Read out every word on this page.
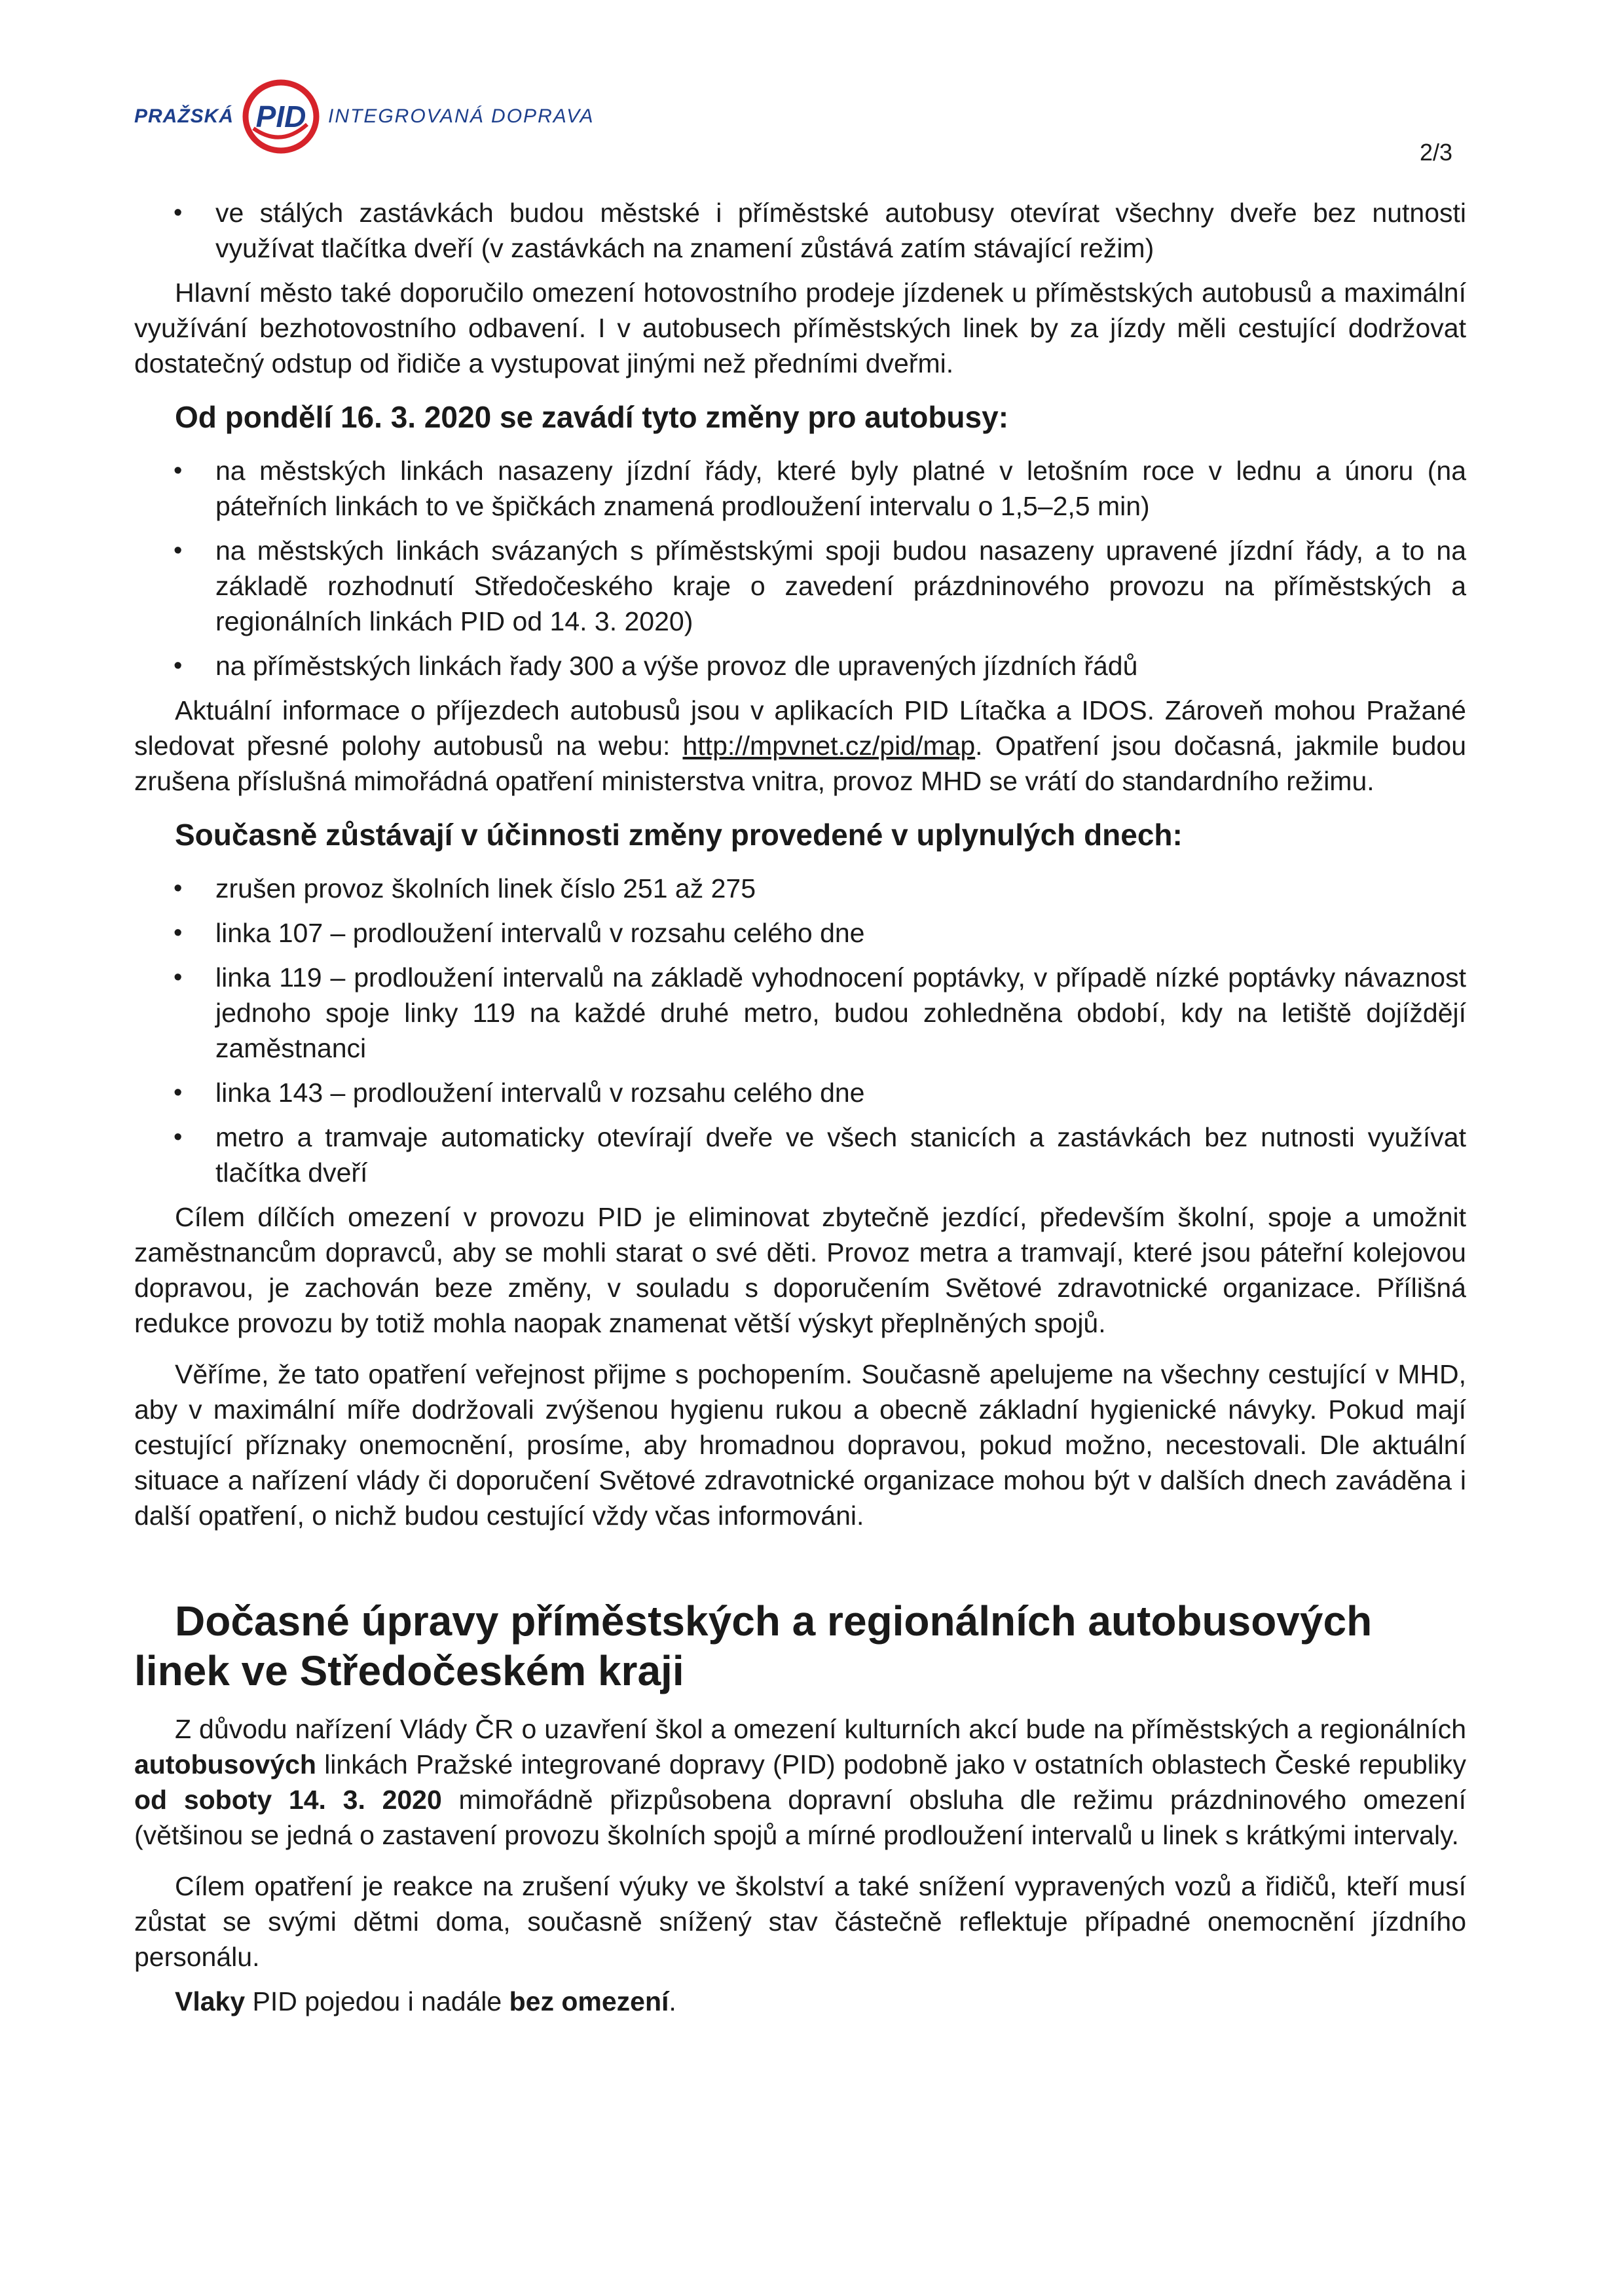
PRAŽSKÁ PID INTEGROVANÁ DOPRAVA
2/3
• ve stálých zastávkách budou městské i příměstské autobusy otevírat všechny dveře bez nutnosti využívat tlačítka dveří (v zastávkách na znamení zůstává zatím stávající režim)

Hlavní město také doporučilo omezení hotovostního prodeje jízdenek u příměstských autobusů a maximální využívání bezhotovostního odbavení. I v autobusech příměstských linek by za jízdy měli cestující dodržovat dostatečný odstup od řidiče a vystupovat jinými než předními dveřmi.

Od pondělí 16. 3. 2020 se zavádí tyto změny pro autobusy:
• na městských linkách nasazeny jízdní řády, které byly platné v letošním roce v lednu a únoru (na páteřních linkách to ve špičkách znamená prodloužení intervalu o 1,5–2,5 min)
• na městských linkách svázaných s příměstskými spoji budou nasazeny upravené jízdní řády, a to na základě rozhodnutí Středočeského kraje o zavedení prázdninového provozu na příměstských a regionálních linkách PID od 14. 3. 2020)
• na příměstských linkách řady 300 a výše provoz dle upravených jízdních řádů

Aktuální informace o příjezdech autobusů jsou v aplikacích PID Lítačka a IDOS. Zároveň mohou Pražané sledovat přesné polohy autobusů na webu: http://mpvnet.cz/pid/map. Opatření jsou dočasná, jakmile budou zrušena příslušná mimořádná opatření ministerstva vnitra, provoz MHD se vrátí do standardního režimu.

Současně zůstávají v účinnosti změny provedené v uplynulých dnech:
• zrušen provoz školních linek číslo 251 až 275
• linka 107 – prodloužení intervalů v rozsahu celého dne
• linka 119 – prodloužení intervalů na základě vyhodnocení poptávky, v případě nízké poptávky návaznost jednoho spoje linky 119 na každé druhé metro, budou zohledněna období, kdy na letiště dojíždějí zaměstnanci
• linka 143 – prodloužení intervalů v rozsahu celého dne
• metro a tramvaje automaticky otevírají dveře ve všech stanicích a zastávkách bez nutnosti využívat tlačítka dveří

Cílem dílčích omezení v provozu PID je eliminovat zbytečně jezdící, především školní, spoje a umožnit zaměstnancům dopravců, aby se mohli starat o své děti. Provoz metra a tramvají, které jsou páteřní kolejovou dopravou, je zachován beze změny, v souladu s doporučením Světové zdravotnické organizace. Přílišná redukce provozu by totiž mohla naopak znamenat větší výskyt přeplněných spojů.

Věříme, že tato opatření veřejnost přijme s pochopením. Současně apelujeme na všechny cestující v MHD, aby v maximální míře dodržovali zvýšenou hygienu rukou a obecně základní hygienické návyky. Pokud mají cestující příznaky onemocnění, prosíme, aby hromadnou dopravou, pokud možno, necestovali. Dle aktuální situace a nařízení vlády či doporučení Světové zdravotnické organizace mohou být v dalších dnech zaváděna i další opatření, o nichž budou cestující vždy včas informováni.

Dočasné úpravy příměstských a regionálních autobusových linek ve Středočeském kraji

Z důvodu nařízení Vlády ČR o uzavření škol a omezení kulturních akcí bude na příměstských a regionálních autobusových linkách Pražské integrované dopravy (PID) podobně jako v ostatních oblastech České republiky od soboty 14. 3. 2020 mimořádně přizpůsobena dopravní obsluha dle režimu prázdninového omezení (většinou se jedná o zastavení provozu školních spojů a mírné prodloužení intervalů u linek s krátkými intervaly.

Cílem opatření je reakce na zrušení výuky ve školství a také snížení vypravených vozů a řidičů, kteří musí zůstat se svými dětmi doma, současně snížený stav částečně reflektuje případné onemocnění jízdního personálu.

Vlaky PID pojedou i nadále bez omezení.
